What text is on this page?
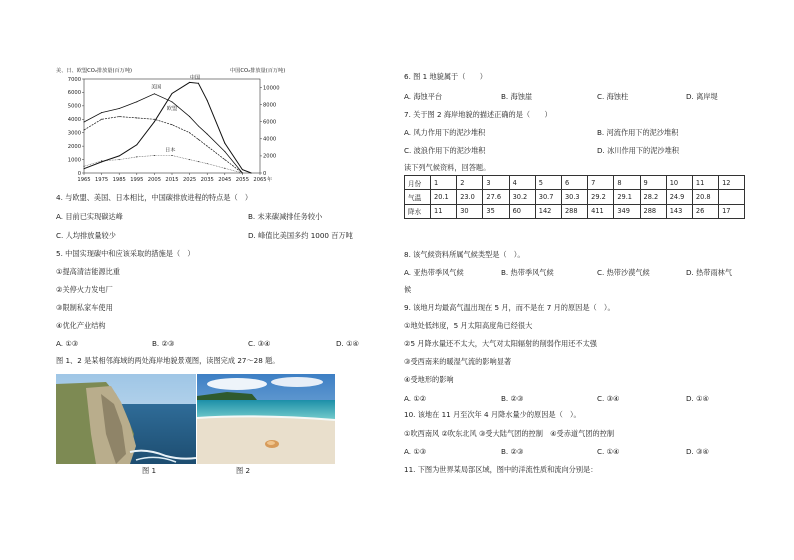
美、日、欧盟CO₂排放量(百万吨)	中国CO₂排放量(百万吨)
7000
6000
5000
4000
3000
2000
1000
0
10000
8000
6000
4000
2000
0
1965 1975 1985 1995 2005 2015 2025 2035 2045 2055 2065 年
美国
中国
欧盟
日本
4. 与欧盟、美国、日本相比，中国碳排放进程的特点是（　）
A. 目前已实现碳达峰	B. 未来碳减排任务较小
C. 人均排放量较少	D. 峰值比美国多约 1000 百万吨
5. 中国实现碳中和应该采取的措施是（　）
①提高清洁能源比重
②关停火力发电厂
③限制私家车使用
④优化产业结构
A. ①③	B. ②③	C. ③④	D. ①④
图 1、2 是某相邻海域的两处海岸地貌景观图，读图完成 27～28 题。
图 1	图 2
6. 图 1 地貌属于（　　）
A. 海蚀平台	B. 海蚀崖	C. 海蚀柱	D. 离岸堤
7. 关于图 2 海岸地貌的描述正确的是（　　）
A. 风力作用下的泥沙堆积	B. 河流作用下的泥沙堆积
C. 波浪作用下的泥沙堆积	D. 冰川作用下的泥沙堆积
读下列气候资料，回答题。
月份	1	2	3	4	5	6	7	8	9	10	11	12
气温	20.1	23.0	27.6	30.2	30.7	30.3	29.2	29.1	28.2	24.9	20.8	
降水	11	30	35	60	142	288	411	349	288	143	26	17
8. 该气候资料所属气候类型是（　）。
A. 亚热带季风气候	B. 热带季风气候	C. 热带沙漠气候	D. 热带雨林气
候
9. 该地月均最高气温出现在 5 月，而不是在 7 月的原因是（　）。
①地处低纬度，5 月太阳高度角已经很大
②5 月降水量还不太大，大气对太阳辐射的削弱作用还不太强
③受西南来的暖湿气流的影响显著
④受地形的影响
A. ①②	B. ②③	C. ③④	D. ①④
10. 该地在 11 月至次年 4 月降水量少的原因是（　）。
①吹西南风 ②吹东北风 ③受大陆气团的控制　④受赤道气团的控制
A. ①③	B. ②③	C. ①④	D. ③④
11. 下图为世界某局部区域，图中的洋流性质和流向分别是：
